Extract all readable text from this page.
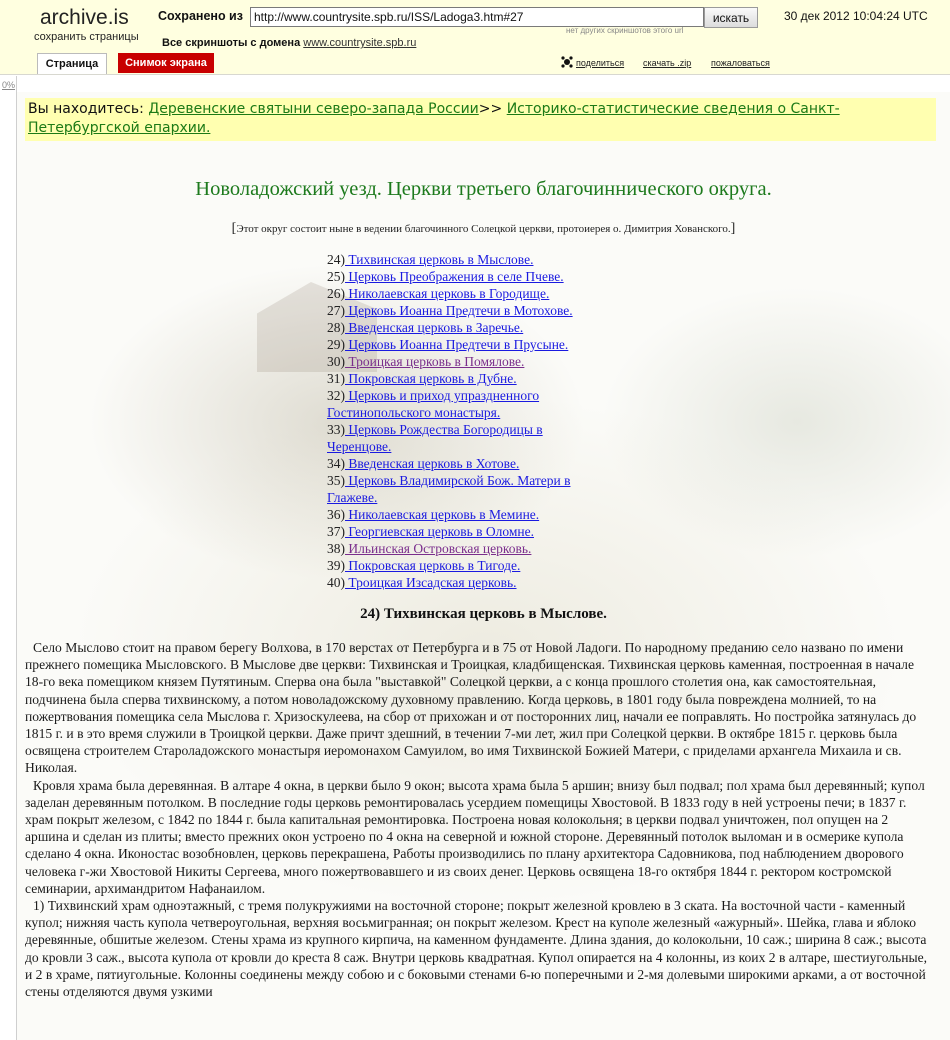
archive.is
сохранить страницы
Сохранено из
http://www.countrysite.spb.ru/ISS/Ladoga3.htm#27	искать	30 дек 2012 10:04:24 UTC
нет других скриншотов этого url
Все скриншоты с домена www.countrysite.spb.ru
Страница	Снимок экрана	поделиться скачать .zip пожаловаться
0%
Вы находитесь: Деревенские святыни северо-запада России>> Историко-статистические сведения о Санкт-Петербургской епархии.
Новоладожский уезд. Церкви третьего благочиннического округа.
[Этот округ состоит ныне в ведении благочинного Солецкой церкви, протоиерея о. Димитрия Хованского.]
24) Тихвинская церковь в Мыслове.
25) Церковь Преображения в селе Пчеве.
26) Николаевская церковь в Городище.
27) Церковь Иоанна Предтечи в Мотохове.
28) Введенская церковь в Заречье.
29) Церковь Иоанна Предтечи в Прусыне.
30) Троицкая церковь в Помялове.
31) Покровская церковь в Дубне.
32) Церковь и приход упраздненного Гостинопольского монастыря.
33) Церковь Рождества Богородицы в Черенцове.
34) Введенская церковь в Хотове.
35) Церковь Владимирской Бож. Матери в Глажеве.
36) Николаевская церковь в Мемине.
37) Георгиевская церковь в Оломне.
38) Ильинская Островская церковь.
39) Покровская церковь в Тигоде.
40) Троицкая Изсадская церковь.
24) Тихвинская церковь в Мыслове.

Село Мыслово стоит на правом берегу Волхова, в 170 верстах от Петербурга и в 75 от Новой Ладоги. По народному преданию село названо по имени прежнего помещика Мысловского. В Мыслове две церкви: Тихвинская и Троицкая, кладбищенская. Тихвинская церковь каменная, построенная в начале 18-го века помещиком князем Путятиным. Сперва она была "выставкой" Солецкой церкви, а с конца прошлого столетия она, как самостоятельная, подчинена была сперва тихвинскому, а потом новоладожскому духовному правлению. Когда церковь, в 1801 году была повреждена молнией, то на пожертвования помещика села Мыслова г. Хризоскулеева, на сбор от прихожан и от посторонних лиц, начали ее поправлять. Но постройка затянулась до 1815 г. и в это время служили в Троицкой церкви. Даже причт здешний, в течении 7-ми лет, жил при Солецкой церкви. В октябре 1815 г. церковь была освящена строителем Староладожского монастыря иеромонахом Самуилом, во имя Тихвинской Божией Матери, с приделами архангела Михаила и св. Николая.

Кровля храма была деревянная. В алтаре 4 окна, в церкви было 9 окон; высота храма была 5 аршин; внизу был подвал; пол храма был деревянный; купол заделан деревянным потолком. В последние годы церковь ремонтировалась усердием помещицы Хвостовой. В 1833 году в ней устроены печи; в 1837 г. храм покрыт железом, с 1842 по 1844 г. была капитальная ремонтировка. Построена новая колокольня; в церкви подвал уничтожен, пол опущен на 2 аршина и сделан из плиты; вместо прежних окон устроено по 4 окна на северной и южной стороне. Деревянный потолок выломан и в осмерике купола сделано 4 окна. Иконостас возобновлен, церковь перекрашена, Работы производились по плану архитектора Садовникова, под наблюдением дворового человека г-жи Хвостовой Никиты Сергеева, много пожертвовавшего и из своих денег. Церковь освящена 18-го октября 1844 г. ректором костромской семинарии, архимандритом Нафанаилом.

1) Тихвинский храм одноэтажный, с тремя полукружиями на восточной стороне; покрыт железной кровлею в 3 ската. На восточной части - каменный купол; нижняя часть купола четвероугольная, верхняя восьмигранная; он покрыт железом. Крест на куполе железный «ажурный». Шейка, глава и яблоко деревянные, обшитые железом. Стены храма из крупного кирпича, на каменном фундаменте. Длина здания, до колокольни, 10 саж.; ширина 8 саж.; высота до кровли 3 саж., высота купола от кровли до креста 8 саж. Внутри церковь квадратная. Купол опирается на 4 колонны, из коих 2 в алтаре, шестиугольные, и 2 в храме, пятиугольные. Колонны соединены между собою и с боковыми стенами 6-ю поперечными и 2-мя долевыми широкими арками, а от восточной стены отделяются двумя узкими
